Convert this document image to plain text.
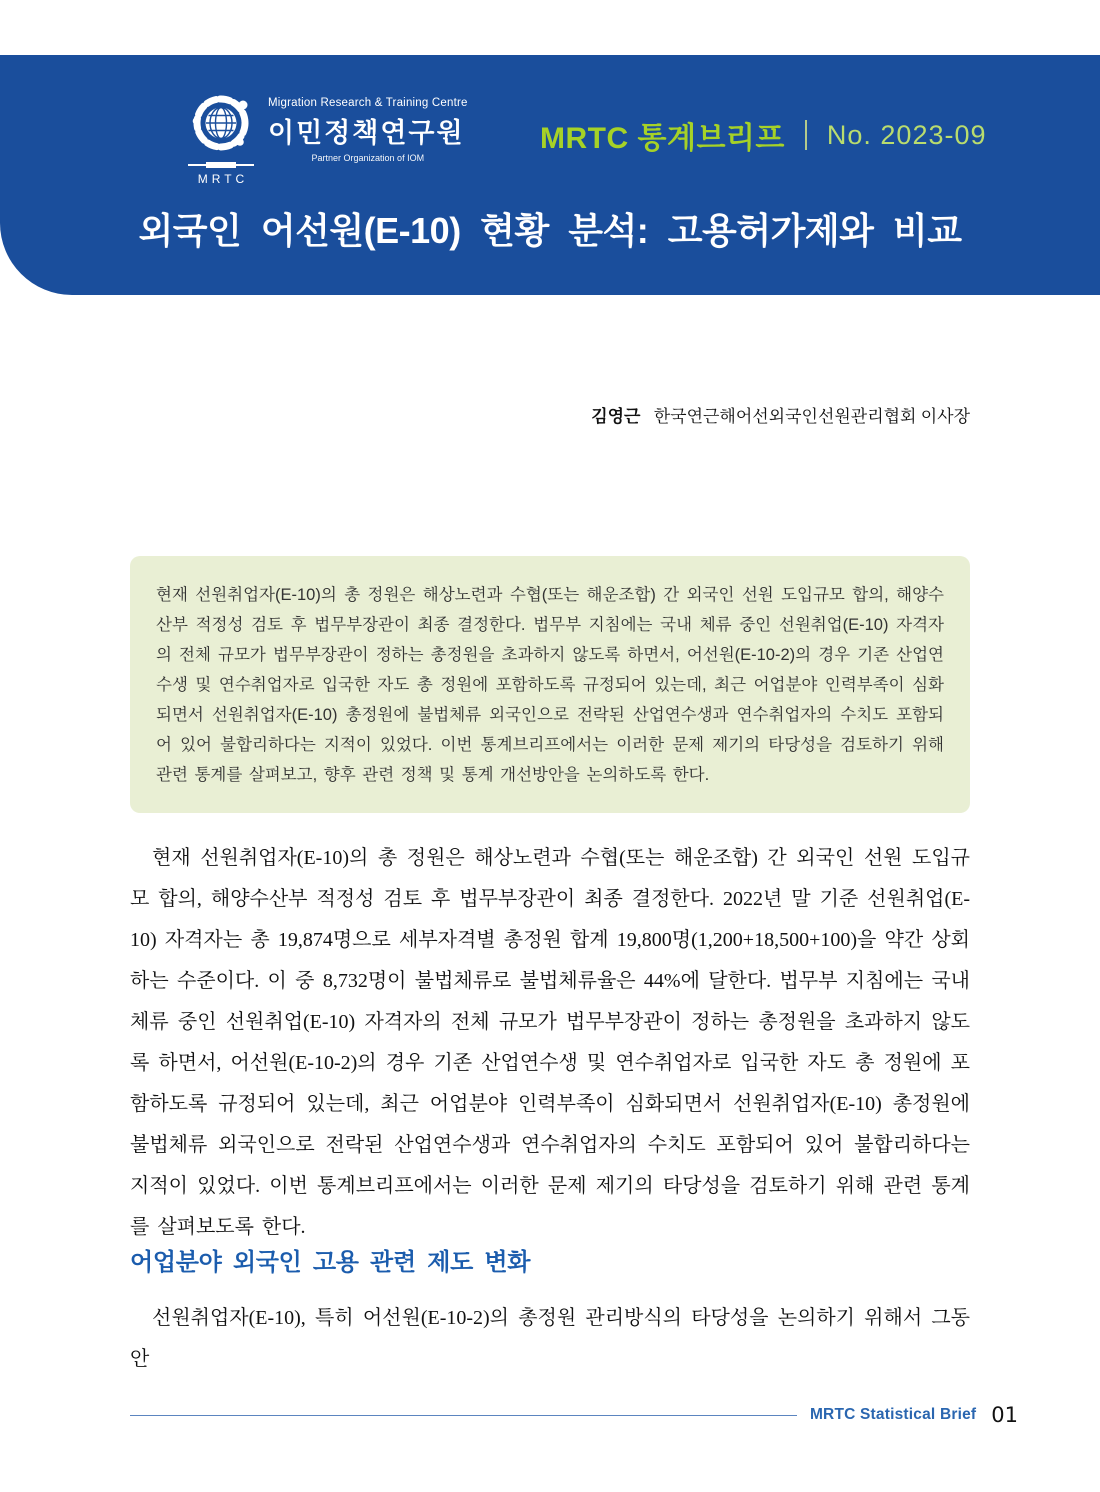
MRTC
Migration Research & Training Centre
이민정책연구원
Partner Organization of IOM
MRTC 통계브리프 No. 2023-09
외국인 어선원(E-10) 현황 분석: 고용허가제와 비교
김영근 한국연근해어선외국인선원관리협회 이사장
현재 선원취업자(E-10)의 총 정원은 해상노련과 수협(또는 해운조합) 간 외국인 선원 도입규모 합의, 해양수산부 적정성 검토 후 법무부장관이 최종 결정한다. 법무부 지침에는 국내 체류 중인 선원취업(E-10) 자격자의 전체 규모가 법무부장관이 정하는 총정원을 초과하지 않도록 하면서, 어선원(E-10-2)의 경우 기존 산업연수생 및 연수취업자로 입국한 자도 총 정원에 포함하도록 규정되어 있는데, 최근 어업분야 인력부족이 심화되면서 선원취업자(E-10) 총정원에 불법체류 외국인으로 전락된 산업연수생과 연수취업자의 수치도 포함되어 있어 불합리하다는 지적이 있었다. 이번 통계브리프에서는 이러한 문제 제기의 타당성을 검토하기 위해 관련 통계를 살펴보고, 향후 관련 정책 및 통계 개선방안을 논의하도록 한다.

현재 선원취업자(E-10)의 총 정원은 해상노련과 수협(또는 해운조합) 간 외국인 선원 도입규모 합의, 해양수산부 적정성 검토 후 법무부장관이 최종 결정한다. 2022년 말 기준 선원취업(E-10) 자격자는 총 19,874명으로 세부자격별 총정원 합계 19,800명(1,200+18,500+100)을 약간 상회하는 수준이다. 이 중 8,732명이 불법체류로 불법체류율은 44%에 달한다. 법무부 지침에는 국내 체류 중인 선원취업(E-10) 자격자의 전체 규모가 법무부장관이 정하는 총정원을 초과하지 않도록 하면서, 어선원(E-10-2)의 경우 기존 산업연수생 및 연수취업자로 입국한 자도 총 정원에 포함하도록 규정되어 있는데, 최근 어업분야 인력부족이 심화되면서 선원취업자(E-10) 총정원에 불법체류 외국인으로 전락된 산업연수생과 연수취업자의 수치도 포함되어 있어 불합리하다는 지적이 있었다. 이번 통계브리프에서는 이러한 문제 제기의 타당성을 검토하기 위해 관련 통계를 살펴보도록 한다.

어업분야 외국인 고용 관련 제도 변화

선원취업자(E-10), 특히 어선원(E-10-2)의 총정원 관리방식의 타당성을 논의하기 위해서 그동안

MRTC Statistical Brief 01
